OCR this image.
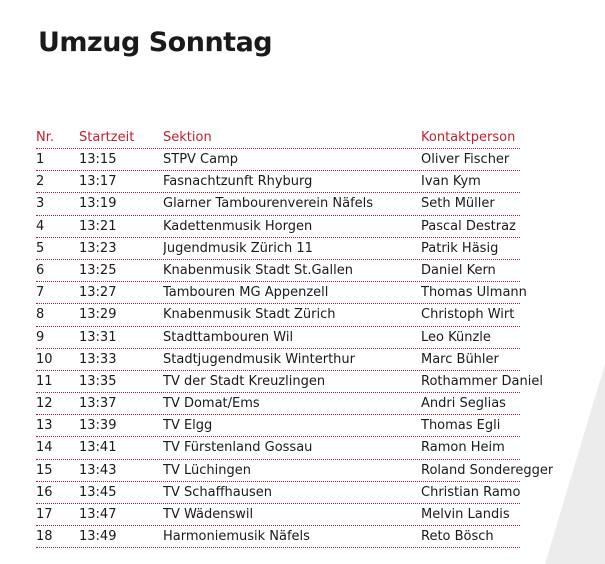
Umzug Sonntag
Nr.	Startzeit	Sektion	Kontaktperson
1	13:15	STPV Camp	Oliver Fischer
2	13:17	Fasnachtzunft Rhyburg	Ivan Kym
3	13:19	Glarner Tambourenverein Näfels	Seth Müller
4	13:21	Kadettenmusik Horgen	Pascal Destraz
5	13:23	Jugendmusik Zürich 11	Patrik Häsig
6	13:25	Knabenmusik Stadt St.Gallen	Daniel Kern
7	13:27	Tambouren MG Appenzell	Thomas Ulmann
8	13:29	Knabenmusik Stadt Zürich	Christoph Wirt
9	13:31	Stadttambouren Wil	Leo Künzle
10	13:33	Stadtjugendmusik Winterthur	Marc Bühler
11	13:35	TV der Stadt Kreuzlingen	Rothammer Daniel
12	13:37	TV Domat/Ems	Andri Seglias
13	13:39	TV Elgg	Thomas Egli
14	13:41	TV Fürstenland Gossau	Ramon Heim
15	13:43	TV Lüchingen	Roland Sonderegger
16	13:45	TV Schaffhausen	Christian Ramo
17	13:47	TV Wädenswil	Melvin Landis
18	13:49	Harmoniemusik Näfels	Reto Bösch
